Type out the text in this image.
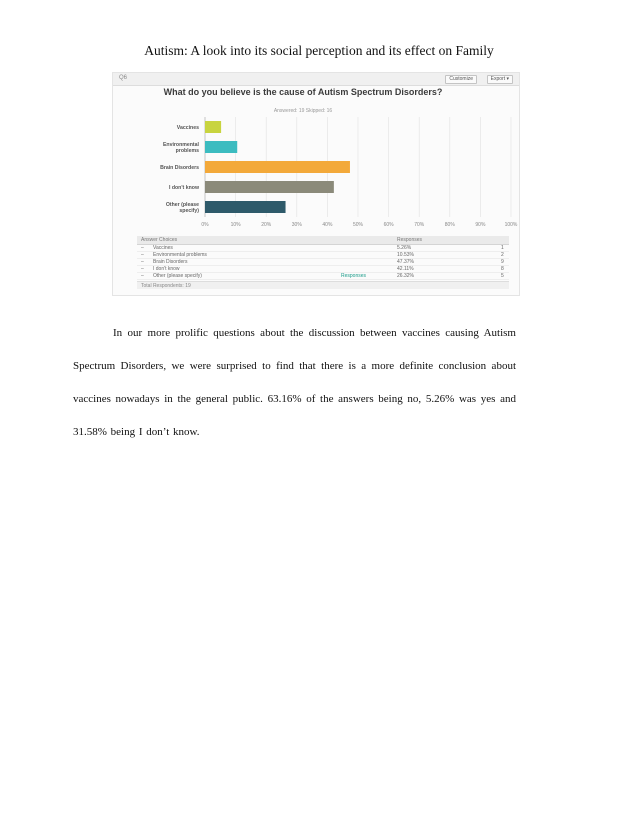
Autism: A look into its social perception and its effect on Family
Q6	Customize	Export ▾
What do you believe is the cause of Autism Spectrum Disorders?
Answered: 19 Skipped: 16
0%	10%	20%	30%	40%	50%	60%	70%	80%	90%	100%
Vaccines
Environmental problems
Brain Disorders
I don't know
Other (please specify)
Answer Choices	Responses
– Vaccines	5.26%	1
– Environmental problems	10.53%	2
– Brain Disorders	47.37%	9
– I don't know	42.11%	8
– Other (please specify)	Responses	26.32%	5
Total Respondents: 19

In our more prolific questions about the discussion between vaccines causing Autism Spectrum Disorders, we were surprised to find that there is a more definite conclusion about vaccines nowadays in the general public. 63.16% of the answers being no, 5.26% was yes and 31.58% being I don’t know.
